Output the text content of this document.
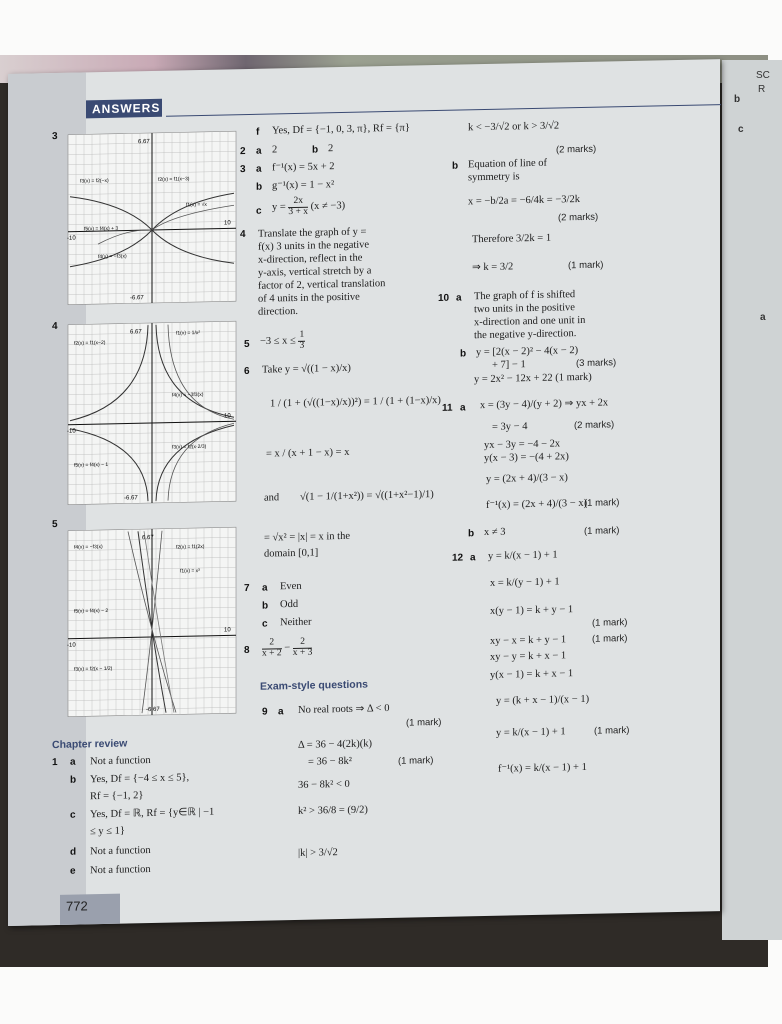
SC
R
b
c
a
ANSWERS
3
6.67
f3(x) = f2(−x)	f2(x) = f1(x−3)
f1(x) = √x
f5(x) = f4(x) + 3
f4(x) = −f3(x)
-6.67
-10
10
4
6.67	f1(x) = 1/x²
f2(x) = f1(x−2)
f4(x) = −3f3(x)
f3(x) = f2(x·2/3)
f5(x) = f4(x) − 1
-6.67
-10
10
5
6.67
f4(x) = −f3(x)	f2(x) = f1(2x)
f1(x) = x³
f5(x) = f4(x) − 2
f3(x) = f2(x − 1/2)
-6.67
-10
10
Chapter review
1 a Not a function
b Yes, Df = {−4 ≤ x ≤ 5},
Rf = {−1, 2}
c Yes, Df = ℝ, Rf = {y∈ℝ | −1
≤ y ≤ 1}
d Not a function
e Not a function
772
f Yes, Df = {−1, 0, 3, π}, Rf = {π}
2 a 2	b 2
3 a f⁻¹(x) = 5x + 2
b g⁻¹(x) = 1 − x²
c $y = \frac{2x}{3 + x} (x \ne -3)$
4 Translate the graph of y =
f(x) 3 units in the negative
x-direction, reflect in the
y-axis, vertical stretch by a
factor of 2, vertical translation
of 4 units in the positive
direction.
$5 -3 \le x \le \frac{1}{3}$
6 Take y = √((1 − x)/x)
1 / (1 + (√((1−x)/x))²) = 1 / (1 + (1−x)/x)
= x / (x + 1 − x) = x
and √(1 − 1/(1+x²)) = √((1+x²−1)/1)
= √x² = |x| = x in the
domain [0,1]
7 a Even
b Odd
c Neither
$8 \frac{2}{x + 2} - \frac{2}{x + 3}$
Exam-style questions
9 a No real roots ⇒ Δ < 0
(1 mark)
Δ = 36 − 4(2k)(k)
= 36 − 8k²	(1 mark)
36 − 8k² < 0
k² > 36/8 = (9/2)
|k| > 3/√2
k < −3/√2 or k > 3/√2
(2 marks)
b Equation of line of
symmetry is
x = −b/2a = −6/4k = −3/2k
(2 marks)
Therefore 3/2k = 1
⇒ k = 3/2	(1 mark)
10 a The graph of f is shifted
two units in the positive
x-direction and one unit in
the negative y-direction.
b y = [2(x − 2)² − 4(x − 2)
+ 7] − 1	(3 marks)
y = 2x² − 12x + 22 (1 mark)
11 a x = (3y − 4)/(y + 2) ⇒ yx + 2x
= 3y − 4	(2 marks)
yx − 3y = −4 − 2x
y(x − 3) = −(4 + 2x)
y = (2x + 4)/(3 − x)
f⁻¹(x) = (2x + 4)/(3 − x)
(1 mark)
b x ≠ 3	(1 mark)
12 a y = k/(x − 1) + 1
x = k/(y − 1) + 1
x(y − 1) = k + y − 1
(1 mark)
xy − x = k + y − 1	(1 mark)
xy − y = k + x − 1
y(x − 1) = k + x − 1
y = (k + x − 1)/(x − 1)
y = k/(x − 1) + 1	(1 mark)
f⁻¹(x) = k/(x − 1) + 1
